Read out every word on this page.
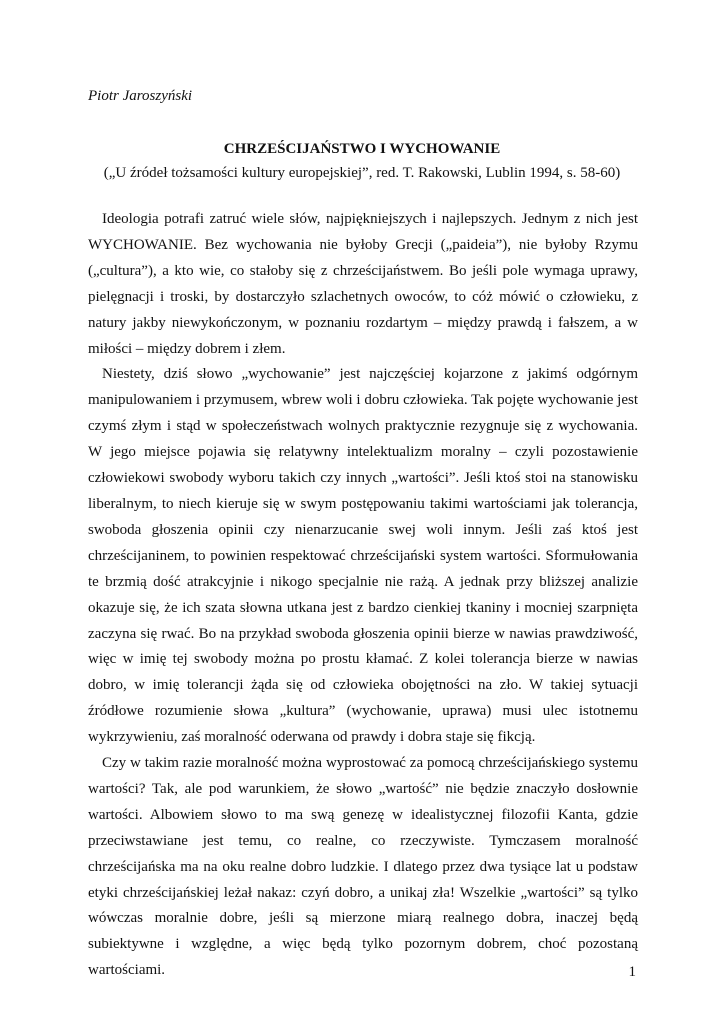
Piotr Jaroszyński

CHRZEŚCIJAŃSTWO I WYCHOWANIE

(„U źródeł tożsamości kultury europejskiej”, red. T. Rakowski, Lublin 1994, s. 58-60)

Ideologia potrafi zatruć wiele słów, najpiękniejszych i najlepszych. Jednym z nich jest WYCHOWANIE. Bez wychowania nie byłoby Grecji („paideia”), nie byłoby Rzymu („cultura”), a kto wie, co stałoby się z chrześcijaństwem. Bo jeśli pole wymaga uprawy, pielęgnacji i troski, by dostarczyło szlachetnych owoców, to cóż mówić o człowieku, z natury jakby niewykończonym, w poznaniu rozdartym – między prawdą i fałszem, a w miłości – między dobrem i złem.

Niestety, dziś słowo „wychowanie” jest najczęściej kojarzone z jakimś odgórnym manipulowaniem i przymusem, wbrew woli i dobru człowieka. Tak pojęte wychowanie jest czymś złym i stąd w społeczeństwach wolnych praktycznie rezygnuje się z wychowania. W jego miejsce pojawia się relatywny intelektualizm moralny – czyli pozostawienie człowiekowi swobody wyboru takich czy innych „wartości”. Jeśli ktoś stoi na stanowisku liberalnym, to niech kieruje się w swym postępowaniu takimi wartościami jak tolerancja, swoboda głoszenia opinii czy nienarzucanie swej woli innym. Jeśli zaś ktoś jest chrześcijaninem, to powinien respektować chrześcijański system wartości. Sformułowania te brzmią dość atrakcyjnie i nikogo specjalnie nie rażą. A jednak przy bliższej analizie okazuje się, że ich szata słowna utkana jest z bardzo cienkiej tkaniny i mocniej szarpnięta zaczyna się rwać. Bo na przykład swoboda głoszenia opinii bierze w nawias prawdziwość, więc w imię tej swobody można po prostu kłamać. Z kolei tolerancja bierze w nawias dobro, w imię tolerancji żąda się od człowieka obojętności na zło. W takiej sytuacji źródłowe rozumienie słowa „kultura” (wychowanie, uprawa) musi ulec istotnemu wykrzywieniu, zaś moralność oderwana od prawdy i dobra staje się fikcją.

Czy w takim razie moralność można wyprostować za pomocą chrześcijańskiego systemu wartości? Tak, ale pod warunkiem, że słowo „wartość” nie będzie znaczyło dosłownie wartości. Albowiem słowo to ma swą genezę w idealistycznej filozofii Kanta, gdzie przeciwstawiane jest temu, co realne, co rzeczywiste. Tymczasem moralność chrześcijańska ma na oku realne dobro ludzkie. I dlatego przez dwa tysiące lat u podstaw etyki chrześcijańskiej leżał nakaz: czyń dobro, a unikaj zła! Wszelkie „wartości” są tylko wówczas moralnie dobre, jeśli są mierzone miarą realnego dobra, inaczej będą subiektywne i względne, a więc będą tylko pozornym dobrem, choć pozostaną wartościami.	1
